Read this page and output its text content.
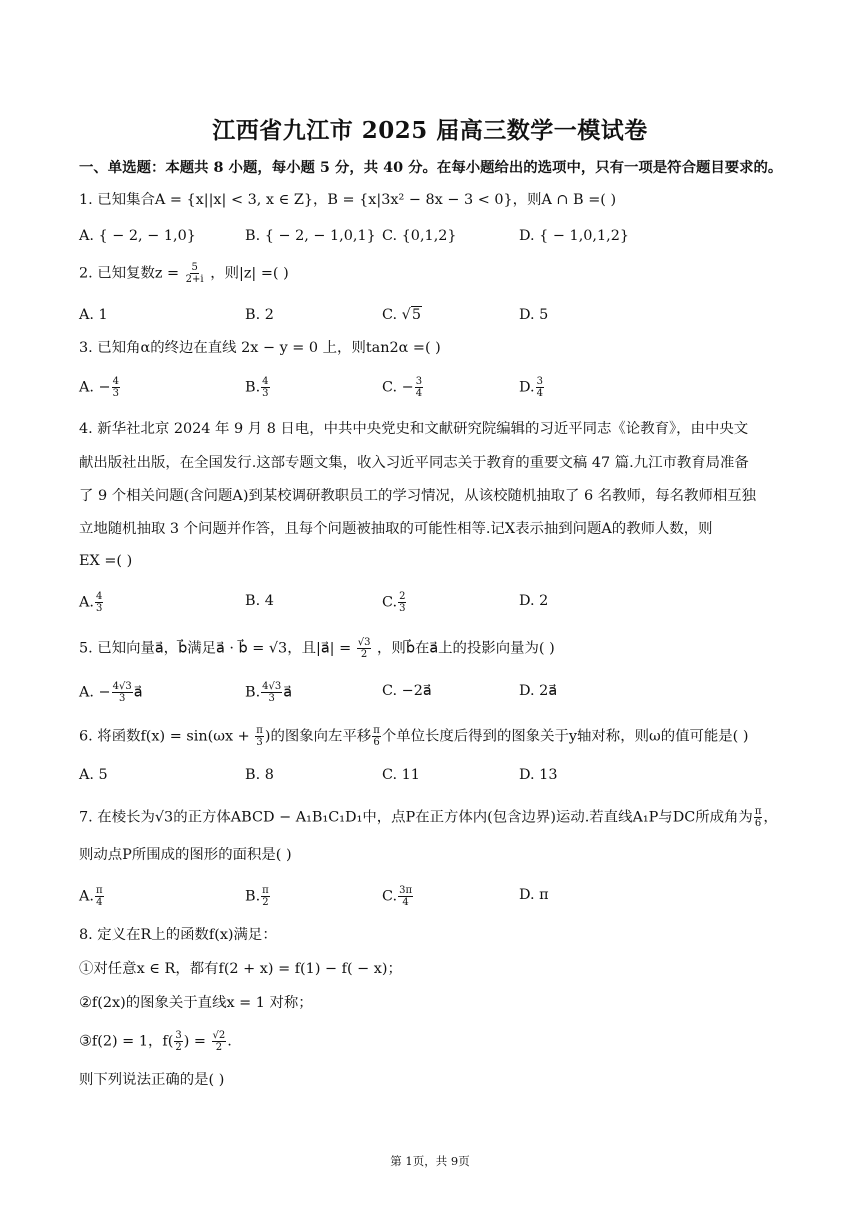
江西省九江市 2025 届高三数学一模试卷
一、单选题：本题共 8 小题，每小题 5 分，共 40 分。在每小题给出的选项中，只有一项是符合题目要求的。
1. 已知集合A = {x||x| < 3, x ∈ Z}，B = {x|3x² − 8x − 3 < 0}，则A ∩ B =( )
A. { − 2, − 1,0}	B. { − 2, − 1,0,1} C. {0,1,2}	D. { − 1,0,1,2}
2. 已知复数$z = \frac{5}{2+i}$ ，则|z| =( )
A. 1	B. 2	C. √5	D. 5
3. 已知角α的终边在直线 2x − y = 0 上，则tan2α =( )
A. − $\frac{4}{3}$	B. $\frac{4}{3}$	C. − $\frac{3}{4}$	D. $\frac{3}{4}$
4. 新华社北京 2024 年 9 月 8 日电，中共中央党史和文献研究院编辑的习近平同志《论教育》，由中央文
献出版社出版，在全国发行.这部专题文集，收入习近平同志关于教育的重要文稿 47 篇.九江市教育局准备
了 9 个相关问题(含问题A)到某校调研教职员工的学习情况，从该校随机抽取了 6 名教师，每名教师相互独
立地随机抽取 3 个问题并作答，且每个问题被抽取的可能性相等.记X表示抽到问题A的教师人数，则
EX =( )
A. $\frac{4}{3}$	B. 4	C. $\frac{2}{3}$	D. 2
5. 已知向量a⃗，b⃗满足a⃗ · b⃗ = √3，且|a⃗| = $\frac{√3}{2}$ ，则b⃗在a⃗上的投影向量为( )
A. − $\frac{4√3}{3}$ a⃗	B. $\frac{4√3}{3}$ a⃗	C. −2a⃗	D. 2a⃗
6. 将函数$f(x) = \sin(\omega x + \frac{\pi}{3}$ )的图象向左平移 $\frac{\pi}{6}$ 个单位长度后得到的图象关于y轴对称，则ω的值可能是( )
A. 5	B. 8	C. 11	D. 13
7. 在棱长为√3的正方体ABCD − A₁B₁C₁D₁中，点P在正方体内(包含边界)运动.若直线A₁P与DC所成角为 $\frac{\pi}{6}$ ，
则动点P所围成的图形的面积是( )
A. $\frac{\pi}{4}$	B. $\frac{\pi}{2}$	C. $\frac{3\pi}{4}$	D. π
8. 定义在R上的函数f(x)满足：
①对任意x ∈ R，都有f(2 + x) = f(1) − f( − x)；
②f(2x)的图象关于直线x = 1 对称；
③f(2) = 1，$f( \frac{3}{2}$ ) = $\frac{√2}{2}$ .
则下列说法正确的是( )
第 1页，共 9页
